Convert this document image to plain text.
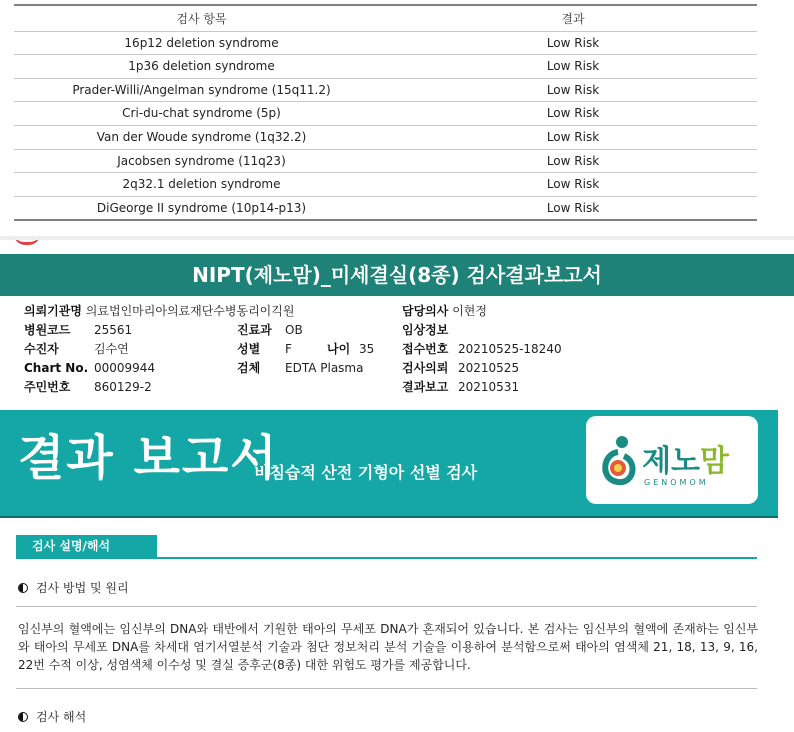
검사 항목	결과
16p12 deletion syndrome	Low Risk
1p36 deletion syndrome	Low Risk
Prader-Willi/Angelman syndrome (15q11.2)	Low Risk
Cri-du-chat syndrome (5p)	Low Risk
Van der Woude syndrome (1q32.2)	Low Risk
Jacobsen syndrome (11q23)	Low Risk
2q32.1 deletion syndrome	Low Risk
DiGeorge II syndrome (10p14-p13)	Low Risk
NIPT(제노맘)_미세결실(8종) 검사결과보고서
의뢰기관명 의료법인마리아의료재단수병동리이긱원
병원코드 25561
수진자	김수연
Chart No. 00009944
주민번호 860129-2
진료과 OB
성별 F	나이 35
검체 EDTA Plasma
담당의사 이현정
임상정보
접수번호 20210525-18240
검사의뢰 20210525
결과보고 20210531
결과 보고서
비침습적 산전 기형아 선별 검사	제노맘
GENOMOM
검사 설명/해석
검사 방법 및 원리
임신부의 혈액에는 임신부의 DNA와 태반에서 기원한 태아의 무세포 DNA가 혼재되어 있습니다. 본 검사는 임신부의 혈액에 존재하는 임신부와 태아의 무세포 DNA를 차세대 염기서열분석 기술과 첨단 정보처리 분석 기술을 이용하여 분석함으로써 태아의 염색체 21, 18, 13, 9, 16, 22번 수적 이상, 성염색체 이수성 및 결실 증후군(8종) 대한 위험도 평가를 제공합니다.
검사 해석
